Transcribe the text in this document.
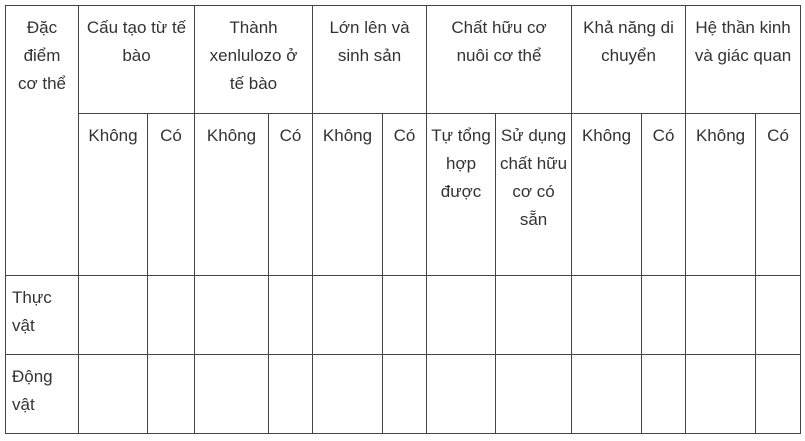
Đặc điểm cơ thể	Cấu tạo từ tế bào		Thành xenlulozo ở tế bào		Lớn lên và sinh sản		Chất hữu cơ nuôi cơ thể		Khả năng di chuyển		Hệ thần kinh và giác quan	
	Không	Có	Không	Có	Không	Có	Tự tổng hợp được	Sử dụng chất hữu cơ có sẵn	Không	Có	Không	Có
Thực vật												
Động vật												
